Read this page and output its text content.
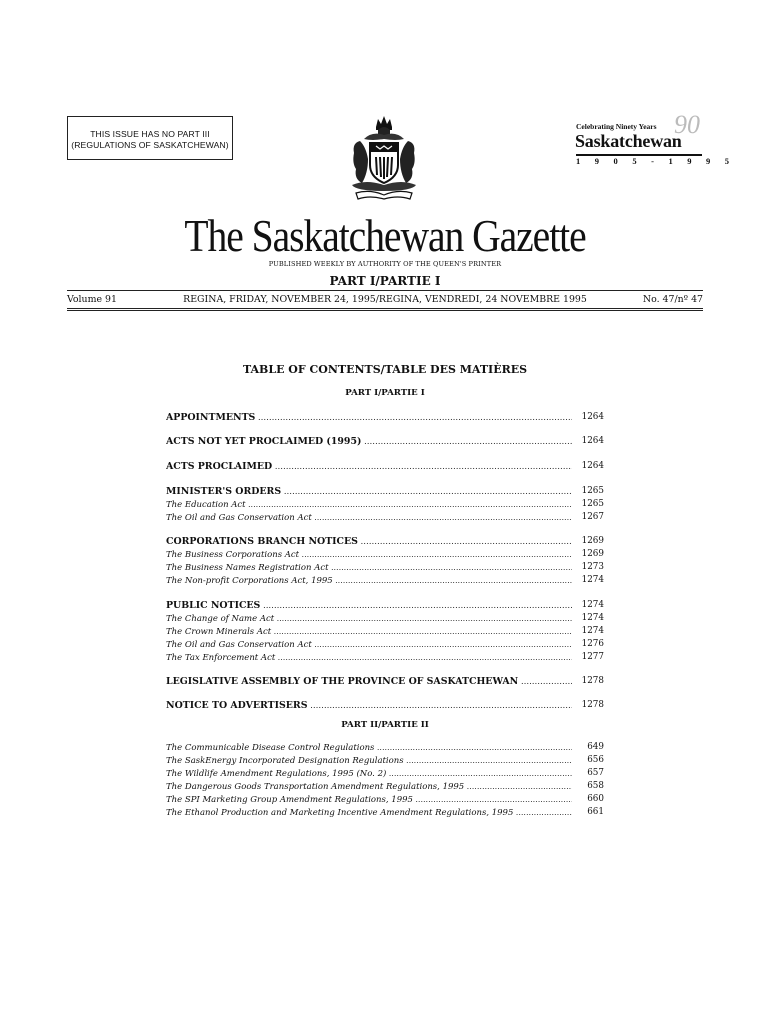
THIS ISSUE HAS NO PART III
(REGULATIONS OF SASKATCHEWAN)
90
Celebrating Ninety Years
Saskatchewan
1 9 0 5 - 1 9 9 5
The Saskatchewan Gazette
PUBLISHED WEEKLY BY AUTHORITY OF THE QUEEN'S PRINTER
PART I/PARTIE I
Volume 91	REGINA, FRIDAY, NOVEMBER 24, 1995/REGINA, VENDREDI, 24 NOVEMBRE 1995	No. 47/nº 47
TABLE OF CONTENTS/TABLE DES MATIÈRES
PART I/PARTIE I
APPOINTMENTS .....	1264
ACTS NOT YET PROCLAIMED (1995) .....	1264
ACTS PROCLAIMED .....	1264
MINISTER'S ORDERS .....	1265
The Education Act .....	1265
The Oil and Gas Conservation Act .....	1267
CORPORATIONS BRANCH NOTICES .....	1269
The Business Corporations Act .....	1269
The Business Names Registration Act .....	1273
The Non-profit Corporations Act, 1995 .....	1274
PUBLIC NOTICES .....	1274
The Change of Name Act .....	1274
The Crown Minerals Act .....	1274
The Oil and Gas Conservation Act .....	1276
The Tax Enforcement Act .....	1277
LEGISLATIVE ASSEMBLY OF THE PROVINCE OF SASKATCHEWAN .....	1278
NOTICE TO ADVERTISERS .....	1278
PART II/PARTIE II
The Communicable Disease Control Regulations .....	649
The SaskEnergy Incorporated Designation Regulations .....	656
The Wildlife Amendment Regulations, 1995 (No. 2) .....	657
The Dangerous Goods Transportation Amendment Regulations, 1995 .....	658
The SPI Marketing Group Amendment Regulations, 1995 .....	660
The Ethanol Production and Marketing Incentive Amendment Regulations, 1995 .....	661
